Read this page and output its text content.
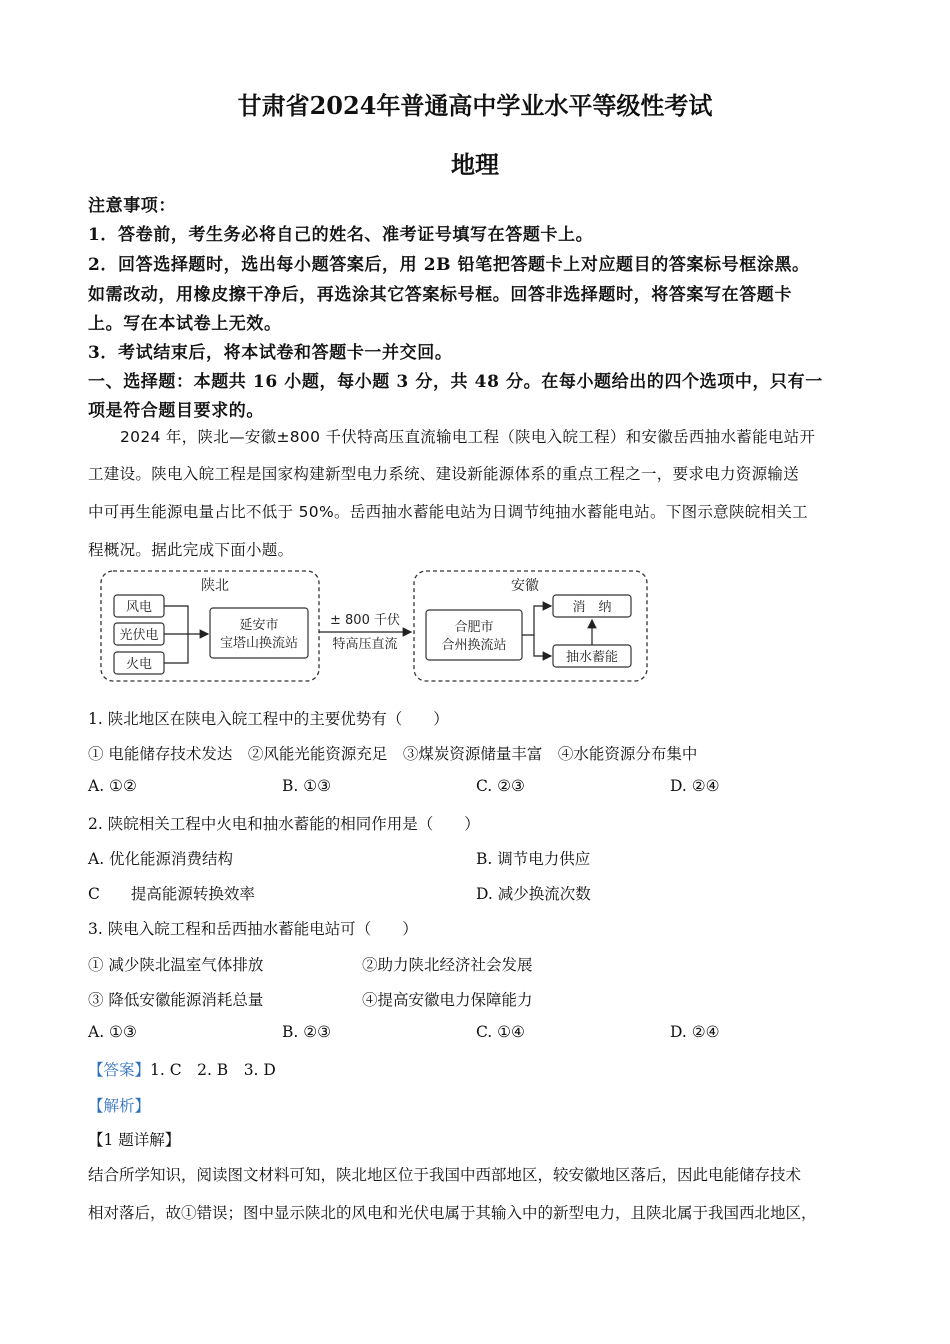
甘肃省2024年普通高中学业水平等级性考试
地理
注意事项：
1．答卷前，考生务必将自己的姓名、准考证号填写在答题卡上。
2．回答选择题时，选出每小题答案后，用 2B 铅笔把答题卡上对应题目的答案标号框涂黑。
如需改动，用橡皮擦干净后，再选涂其它答案标号框。回答非选择题时，将答案写在答题卡
上。写在本试卷上无效。
3．考试结束后，将本试卷和答题卡一并交回。
一、选择题：本题共 16 小题，每小题 3 分，共 48 分。在每小题给出的四个选项中，只有一
项是符合题目要求的。
2024 年，陕北—安徽±800 千伏特高压直流输电工程（陕电入皖工程）和安徽岳西抽水蓄能电站开
工建设。陕电入皖工程是国家构建新型电力系统、建设新能源体系的重点工程之一，要求电力资源输送
中可再生能源电量占比不低于 50%。岳西抽水蓄能电站为日调节纯抽水蓄能电站。下图示意陕皖相关工
程概况。据此完成下面小题。
陕北
风电
光伏电
火电
延安市
宝塔山换流站
± 800 千伏
特高压直流
安徽
合肥市
合州换流站
消　纳
抽水蓄能
1. 陕北地区在陕电入皖工程中的主要优势有（　　）
① 电能储存技术发达　②风能光能资源充足　③煤炭资源储量丰富　④水能资源分布集中
A. ①②	B. ①③	C. ②③	D. ②④
2. 陕皖相关工程中火电和抽水蓄能的相同作用是（　　）
A. 优化能源消费结构	B. 调节电力供应
C　　提高能源转换效率	D. 减少换流次数
3. 陕电入皖工程和岳西抽水蓄能电站可（　　）
① 减少陕北温室气体排放	②助力陕北经济社会发展
③ 降低安徽能源消耗总量	④提高安徽电力保障能力
A. ①③	B. ②③	C. ①④	D. ②④
【答案】1. C　2. B　3. D
【解析】
【1 题详解】
结合所学知识，阅读图文材料可知，陕北地区位于我国中西部地区，较安徽地区落后，因此电能储存技术
相对落后，故①错误；图中显示陕北的风电和光伏电属于其输入中的新型电力，且陕北属于我国西北地区，
